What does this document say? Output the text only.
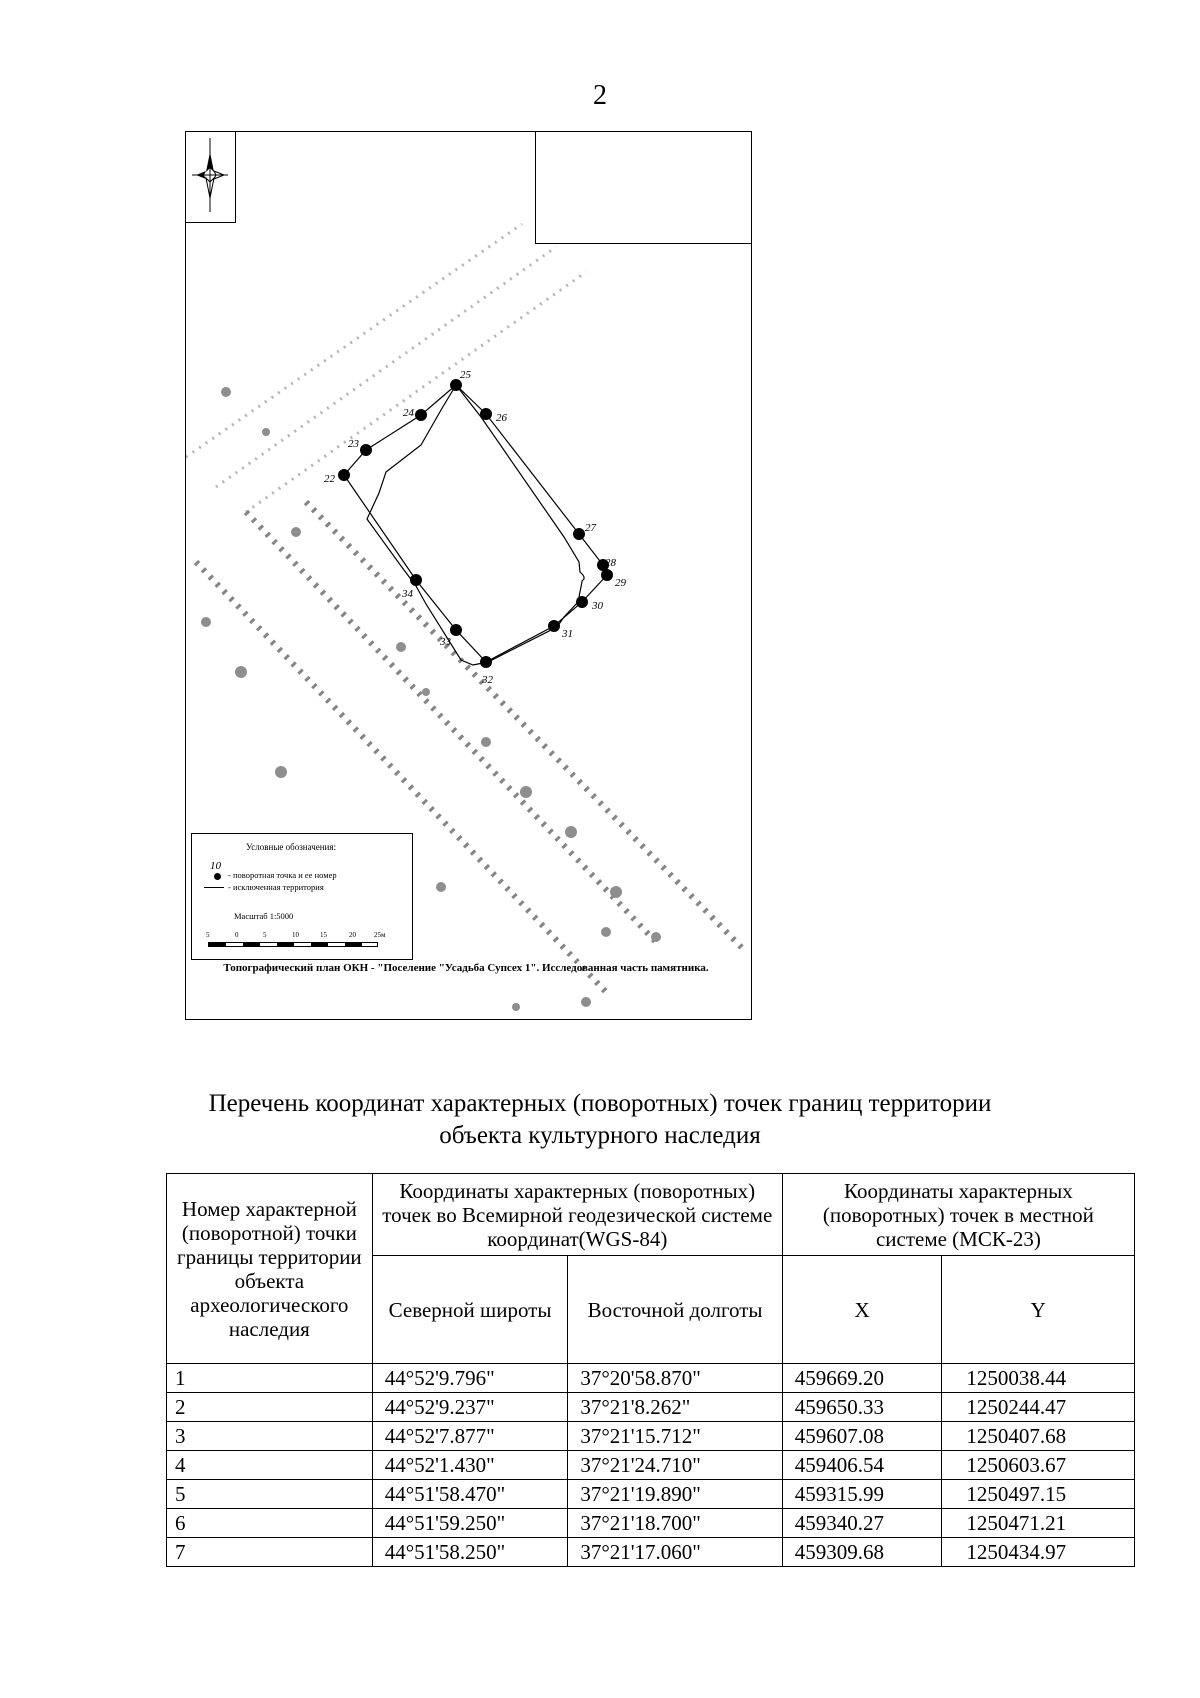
2
25
26
27
28
29
30
31
32
33
34
22
23
24
Условные обозначения:
10
- поворотная точка и ее номер
- исключенная территория
Масштаб 1:5000
5	0	5	10	15	20	25м
Топографический план ОКН - "Поселение "Усадьба Супсех 1". Исследованная часть памятника.
Перечень координат характерных (поворотных) точек границ территории
объекта культурного наследия
Номер характерной (поворотной) точки границы территории объекта археологического наследия	Координаты характерных (поворотных) точек во Всемирной геодезической системе координат(WGS-84)		Координаты характерных (поворотных) точек в местной системе (МСК-23)	
	Северной широты	Восточной долготы	X	Y
1	44°52'9.796"	37°20'58.870"	459669.20	1250038.44
2	44°52'9.237"	37°21'8.262"	459650.33	1250244.47
3	44°52'7.877"	37°21'15.712"	459607.08	1250407.68
4	44°52'1.430"	37°21'24.710"	459406.54	1250603.67
5	44°51'58.470"	37°21'19.890"	459315.99	1250497.15
6	44°51'59.250"	37°21'18.700"	459340.27	1250471.21
7	44°51'58.250"	37°21'17.060"	459309.68	1250434.97
